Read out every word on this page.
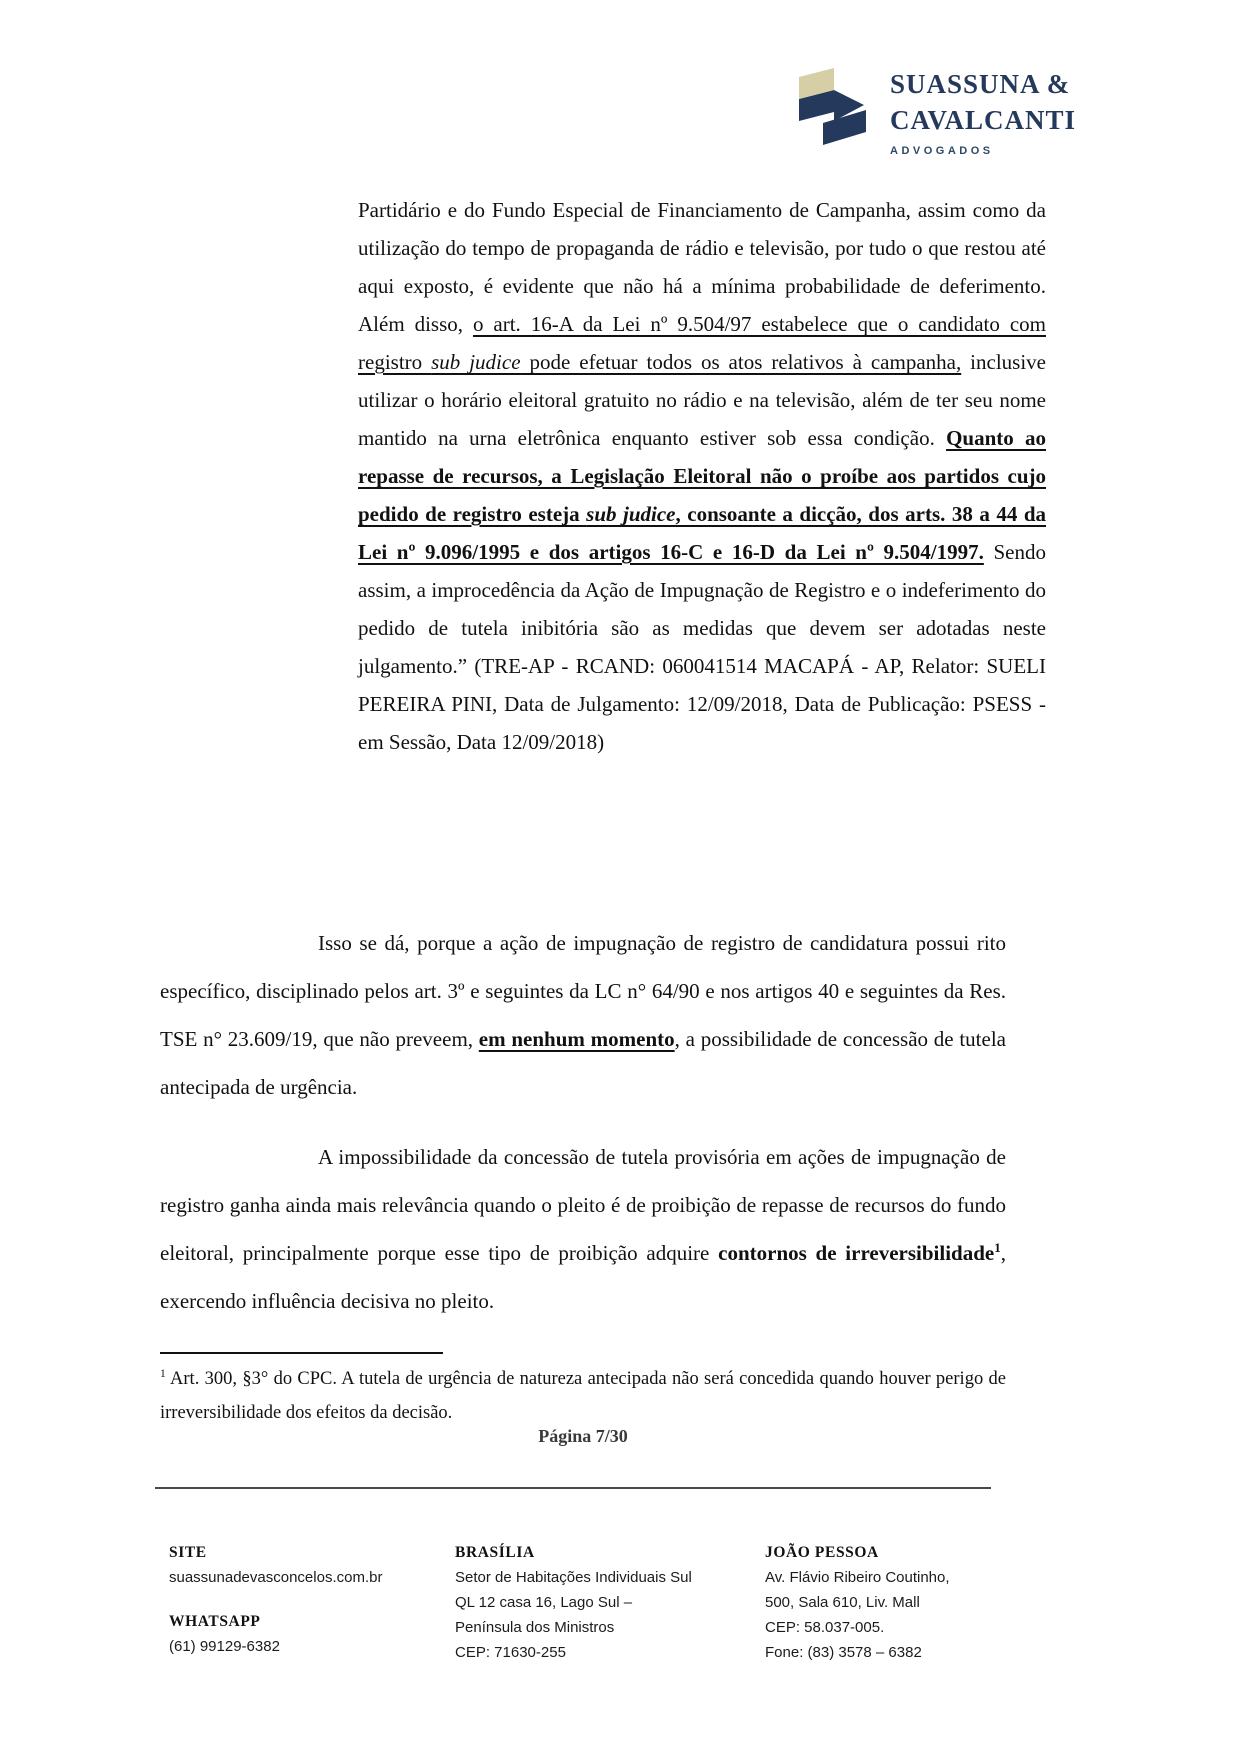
SUASSUNA &
CAVALCANTI
ADVOGADOS
Partidário e do Fundo Especial de Financiamento de Campanha, assim como da utilização do tempo de propaganda de rádio e televisão, por tudo o que restou até aqui exposto, é evidente que não há a mínima probabilidade de deferimento. Além disso, o art. 16-A da Lei nº 9.504/97 estabelece que o candidato com registro sub judice pode efetuar todos os atos relativos à campanha, inclusive utilizar o horário eleitoral gratuito no rádio e na televisão, além de ter seu nome mantido na urna eletrônica enquanto estiver sob essa condição. Quanto ao repasse de recursos, a Legislação Eleitoral não o proíbe aos partidos cujo pedido de registro esteja sub judice, consoante a dicção, dos arts. 38 a 44 da Lei nº 9.096/1995 e dos artigos 16-C e 16-D da Lei nº 9.504/1997. Sendo assim, a improcedência da Ação de Impugnação de Registro e o indeferimento do pedido de tutela inibitória são as medidas que devem ser adotadas neste julgamento.” (TRE-AP - RCAND: 060041514 MACAPÁ - AP, Relator: SUELI PEREIRA PINI, Data de Julgamento: 12/09/2018, Data de Publicação: PSESS - em Sessão, Data 12/09/2018)

Isso se dá, porque a ação de impugnação de registro de candidatura possui rito específico, disciplinado pelos art. 3º e seguintes da LC n° 64/90 e nos artigos 40 e seguintes da Res. TSE n° 23.609/19, que não preveem, em nenhum momento, a possibilidade de concessão de tutela antecipada de urgência.

A impossibilidade da concessão de tutela provisória em ações de impugnação de registro ganha ainda mais relevância quando o pleito é de proibição de repasse de recursos do fundo eleitoral, principalmente porque esse tipo de proibição adquire contornos de irreversibilidade$^1$, exercendo influência decisiva no pleito.

$^1$ Art. 300, §3° do CPC. A tutela de urgência de natureza antecipada não será concedida quando houver perigo de irreversibilidade dos efeitos da decisão.
Página 7/30
SITE
suassunadevasconcelos.com.br
WHATSAPP
(61) 99129-6382
BRASÍLIA
Setor de Habitações Individuais Sul
QL 12 casa 16, Lago Sul –
Península dos Ministros
CEP: 71630-255
JOÃO PESSOA
Av. Flávio Ribeiro Coutinho,
500, Sala 610, Liv. Mall
CEP: 58.037-005.
Fone: (83) 3578 – 6382
